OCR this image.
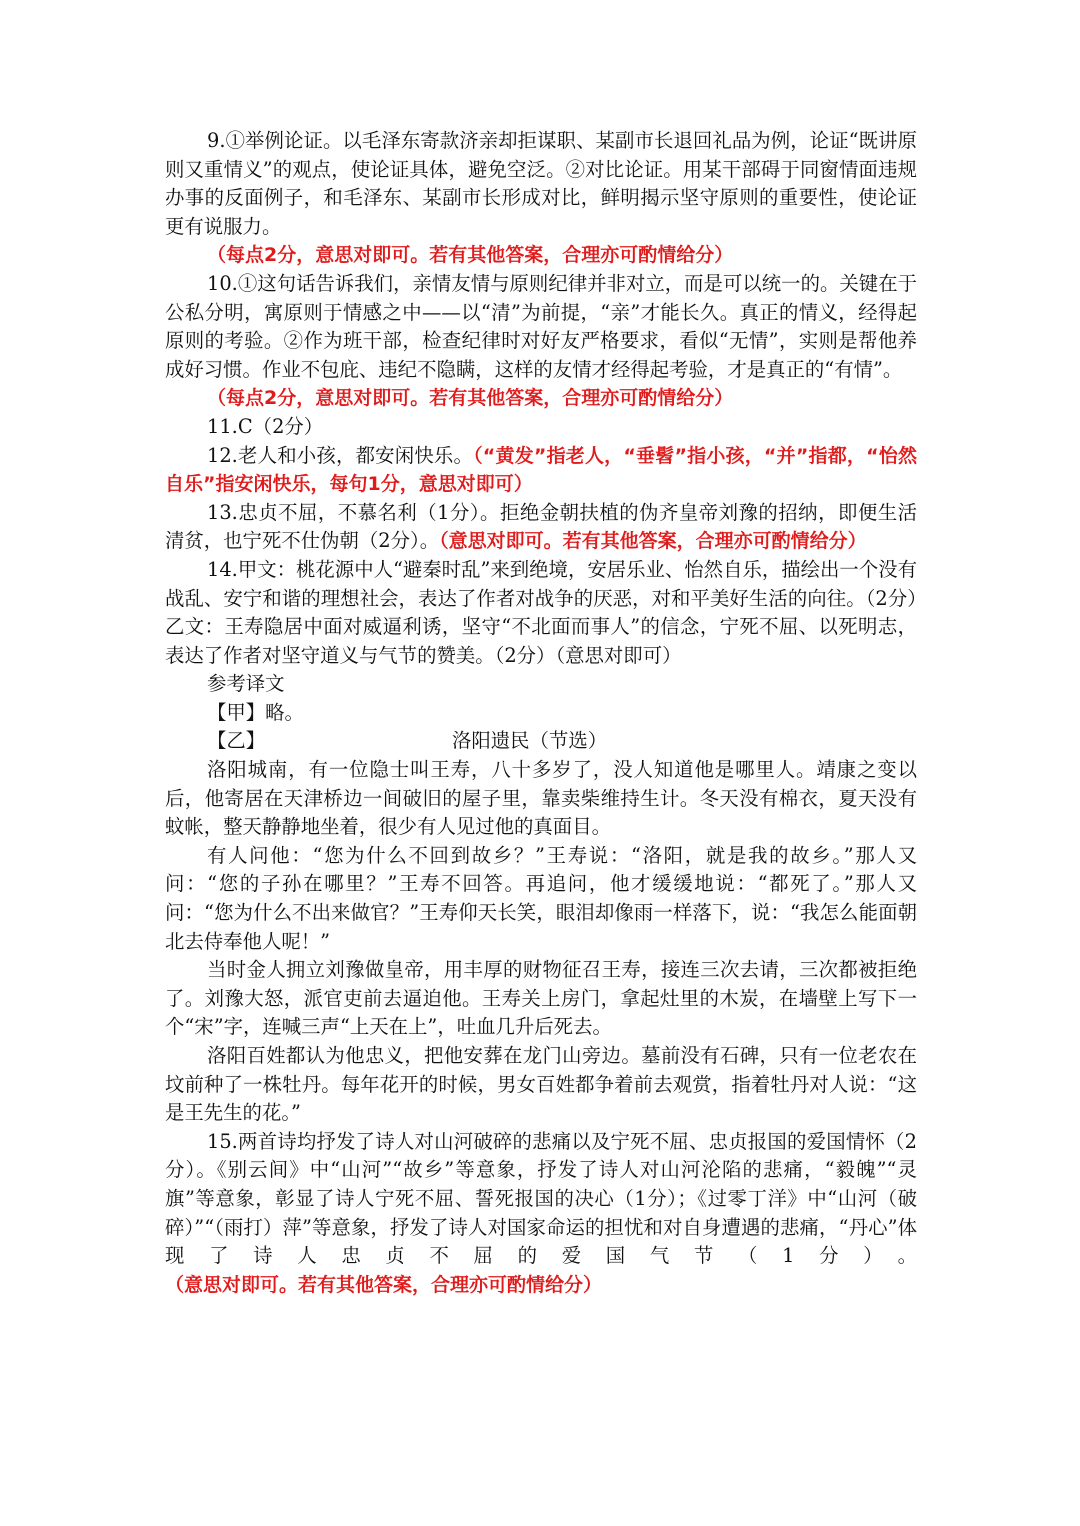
9.①举例论证。以毛泽东寄款济亲却拒谋职、某副市长退回礼品为例，论证“既讲原则又重情义”的观点，使论证具体，避免空泛。②对比论证。用某干部碍于同窗情面违规办事的反面例子，和毛泽东、某副市长形成对比，鲜明揭示坚守原则的重要性，使论证更有说服力。

（每点2分，意思对即可。若有其他答案，合理亦可酌情给分）

10.①这句话告诉我们，亲情友情与原则纪律并非对立，而是可以统一的。关键在于公私分明，寓原则于情感之中——以“清”为前提，“亲”才能长久。真正的情义，经得起原则的考验。②作为班干部，检查纪律时对好友严格要求，看似“无情”，实则是帮他养成好习惯。作业不包庇、违纪不隐瞒，这样的友情才经得起考验，才是真正的“有情”。

（每点2分，意思对即可。若有其他答案，合理亦可酌情给分）

11.C（2分）

12.老人和小孩，都安闲快乐。（“黄发”指老人，“垂髫”指小孩，“并”指都，“怡然自乐”指安闲快乐，每句1分，意思对即可）

13.忠贞不屈，不慕名利（1分）。拒绝金朝扶植的伪齐皇帝刘豫的招纳，即便生活清贫，也宁死不仕伪朝（2分）。（意思对即可。若有其他答案，合理亦可酌情给分）

14.甲文：桃花源中人“避秦时乱”来到绝境，安居乐业、怡然自乐，描绘出一个没有战乱、安宁和谐的理想社会，表达了作者对战争的厌恶，对和平美好生活的向往。（2分）乙文：王寿隐居中面对威逼利诱，坚守“不北面而事人”的信念，宁死不屈、以死明志，表达了作者对坚守道义与气节的赞美。（2分）（意思对即可）

参考译文

【甲】略。

【乙】	洛阳遗民（节选）

洛阳城南，有一位隐士叫王寿，八十多岁了，没人知道他是哪里人。靖康之变以后，他寄居在天津桥边一间破旧的屋子里，靠卖柴维持生计。冬天没有棉衣，夏天没有蚊帐，整天静静地坐着，很少有人见过他的真面目。

有人问他：“您为什么不回到故乡？”王寿说：“洛阳，就是我的故乡。”那人又问：“您的子孙在哪里？”王寿不回答。再追问，他才缓缓地说：“都死了。”那人又问：“您为什么不出来做官？”王寿仰天长笑，眼泪却像雨一样落下，说：“我怎么能面朝北去侍奉他人呢！”

当时金人拥立刘豫做皇帝，用丰厚的财物征召王寿，接连三次去请，三次都被拒绝了。刘豫大怒，派官吏前去逼迫他。王寿关上房门，拿起灶里的木炭，在墙壁上写下一个“宋”字，连喊三声“上天在上”，吐血几升后死去。

洛阳百姓都认为他忠义，把他安葬在龙门山旁边。墓前没有石碑，只有一位老农在坟前种了一株牡丹。每年花开的时候，男女百姓都争着前去观赏，指着牡丹对人说：“这是王先生的花。”

15.两首诗均抒发了诗人对山河破碎的悲痛以及宁死不屈、忠贞报国的爱国情怀（2分）。《别云间》中“山河”“故乡”等意象，抒发了诗人对山河沦陷的悲痛，“毅魄”“灵旗”等意象，彰显了诗人宁死不屈、誓死报国的决心（1分）；《过零丁洋》中“山河（破碎）”“（雨打）萍”等意象，抒发了诗人对国家命运的担忧和对自身遭遇的悲痛，“丹心”体现了诗人忠贞不屈的爱国气节（1分）。（意思对即可。若有其他答案，合理亦可酌情给分）
